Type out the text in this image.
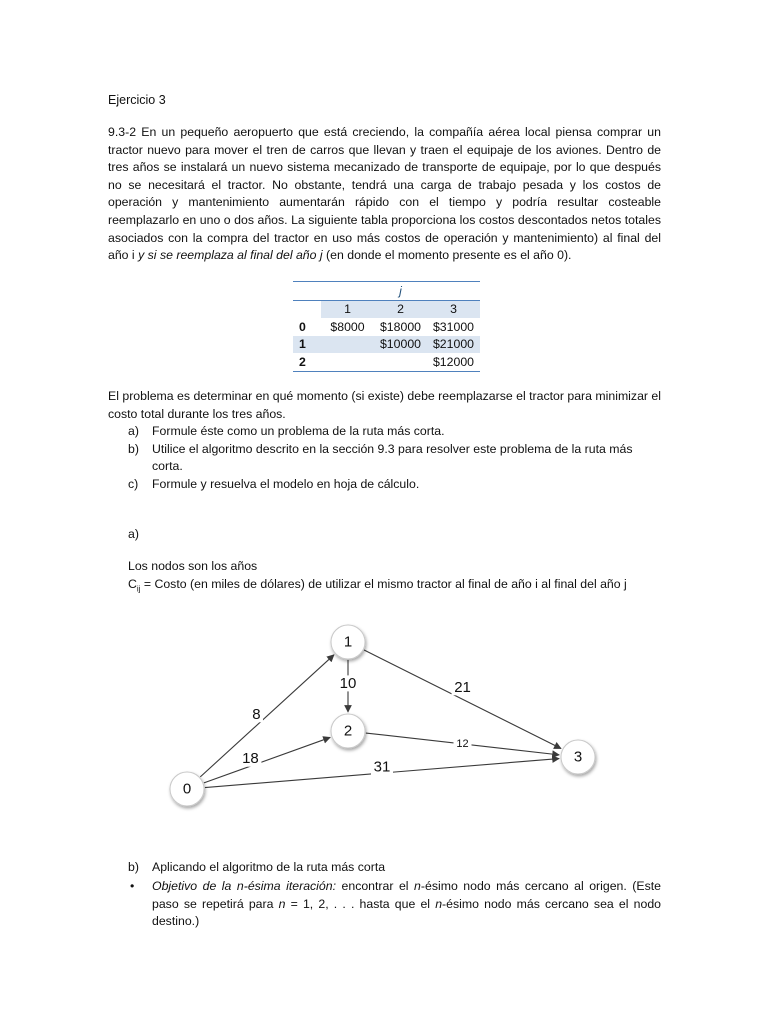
Ejercicio 3

9.3-2 En un pequeño aeropuerto que está creciendo, la compañía aérea local piensa comprar un tractor nuevo para mover el tren de carros que llevan y traen el equipaje de los aviones. Dentro de tres años se instalará un nuevo sistema mecanizado de transporte de equipaje, por lo que después no se necesitará el tractor. No obstante, tendrá una carga de trabajo pesada y los costos de operación y mantenimiento aumentarán rápido con el tiempo y podría resultar costeable reemplazarlo en uno o dos años. La siguiente tabla proporciona los costos descontados netos totales asociados con la compra del tractor en uso más costos de operación y mantenimiento) al final del año i y si se reemplaza al final del año j (en donde el momento presente es el año 0).

	j		
	1	2	3
0	$8000	$18000	$31000
1		$10000	$21000
2			$12000

El problema es determinar en qué momento (si existe) debe reemplazarse el tractor para minimizar el costo total durante los tres años.

a) Formule éste como un problema de la ruta más corta.
b) Utilice el algoritmo descrito en la sección 9.3 para resolver este problema de la ruta más corta.
c) Formule y resuelva el modelo en hoja de cálculo.
a)
Los nodos son los años
$C_{ij}$ = Costo (en miles de dólares) de utilizar el mismo tractor al final de año i al final del año j
8
18	31
10	21
12
0
1
2
3
b) Aplicando el algoritmo de la ruta más corta
•	Objetivo de la n-ésima iteración: encontrar el n-ésimo nodo más cercano al origen. (Este paso se repetirá para n = 1, 2, . . . hasta que el n-ésimo nodo más cercano sea el nodo destino.)
